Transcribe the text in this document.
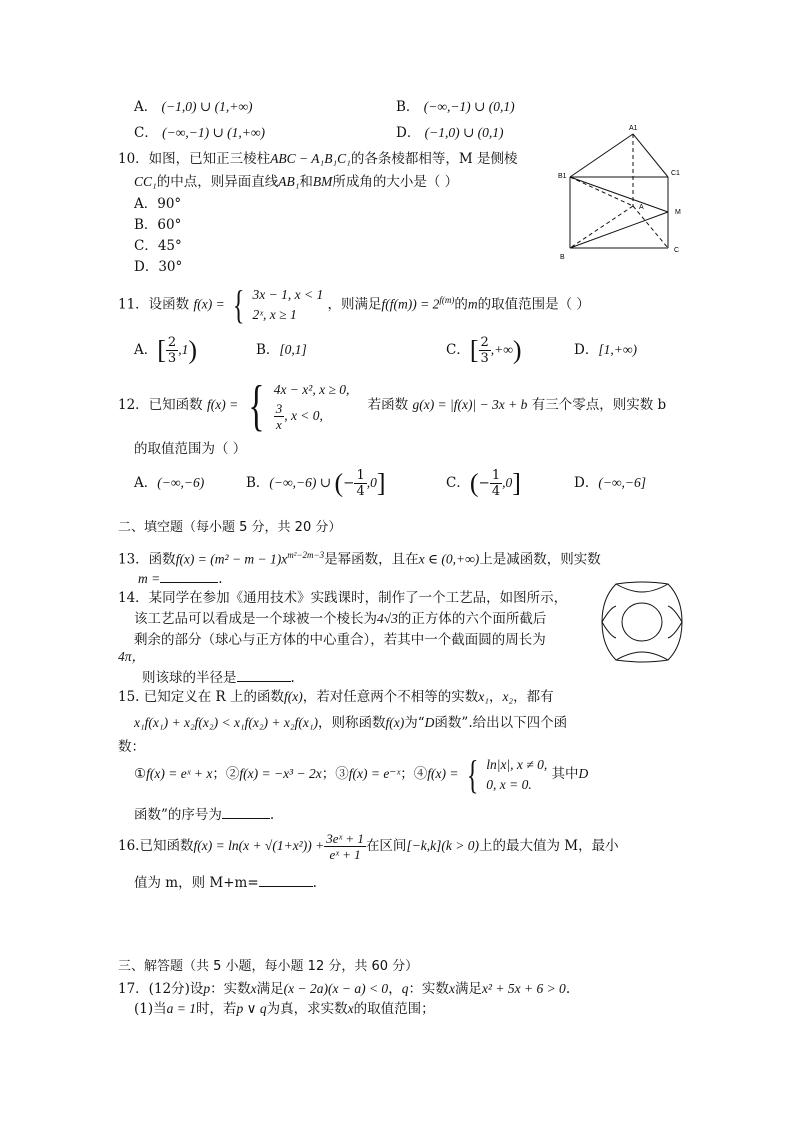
A． (−1,0) ∪ (1,+∞)	B． (−∞,−1) ∪ (0,1)
C． (−∞,−1) ∪ (1,+∞)	D． (−1,0) ∪ (0,1)
10．如图，已知正三棱柱ABC − A₁B₁C₁的各条棱都相等，M 是侧棱
CC₁的中点，则异面直线AB₁和BM所成角的大小是（ ）
A．90°
B．60°
C．45°
D．30°
A1
B1	C1
A
M
B
C
11．设函数 f(x) = { 3x − 1, x < 1
2ˣ, x ≥ 1
，则满足$f(f(m)) = 2^{f(m)}$的m的取值范围是（ ）
A．[ $\frac{2}{3} ,1$)	B．[0,1]	C．[ $\frac{2}{3}$ ,+∞)	D．[1,+∞)
12．已知函数 f(x) = { 4x − x², x ≥ 0,
$\frac{3}{x}$ , x < 0,
若函数 g(x) = |f(x)| − 3x + b 有三个零点，则实数 b
的取值范围为（ ）
A．(−∞,−6)	B．(−∞,−6) ∪ (− $\frac{1}{4} ,0$]	C．(− $\frac{1}{4} ,0$]	D．(−∞,−6]
二、填空题（每小题 5 分，共 20 分）
13．函数$f(x) = (m^2 - m - 1)x^{m^2-2m-3}$是幂函数，且在x ∈ (0,+∞)上是减函数，则实数
m =	.
14．某同学在参加《通用技术》实践课时，制作了一个工艺品，如图所示，
该工艺品可以看成是一个球被一个棱长为4√3的正方体的六个面所截后
剩余的部分（球心与正方体的中心重合），若其中一个截面圆的周长为
4π，
则该球的半径是	.
15. 已知定义在 R 上的函数f(x)，若对任意两个不相等的实数x₁，x₂，都有
x₁f(x₁) + x₂f(x₂) < x₁f(x₂) + x₂f(x₁)，则称函数f(x)为“D函数”.给出以下四个函
数：
①f(x) = eˣ + x；②f(x) = −x³ − 2x；③f(x) = e⁻ˣ；④f(x) = { ln|x|, x ≠ 0,
0, x = 0.
其中D
函数”的序号为	.
16.已知函数$f(x) = \ln(x + √(1+x^2)) + \frac{\text{3eˣ + 1}}{\text{eˣ + 1}}$ 在区间[−k,k](k > 0)上的最大值为 M，最小
值为 m，则 M+m=	.
三、解答题（共 5 小题，每小题 12 分，共 60 分）
17．(12分)设p：实数x满足(x − 2a)(x − a) < 0，q：实数x满足x² + 5x + 6 > 0.
(1)当a = 1时，若p ∨ q为真，求实数x的取值范围；
